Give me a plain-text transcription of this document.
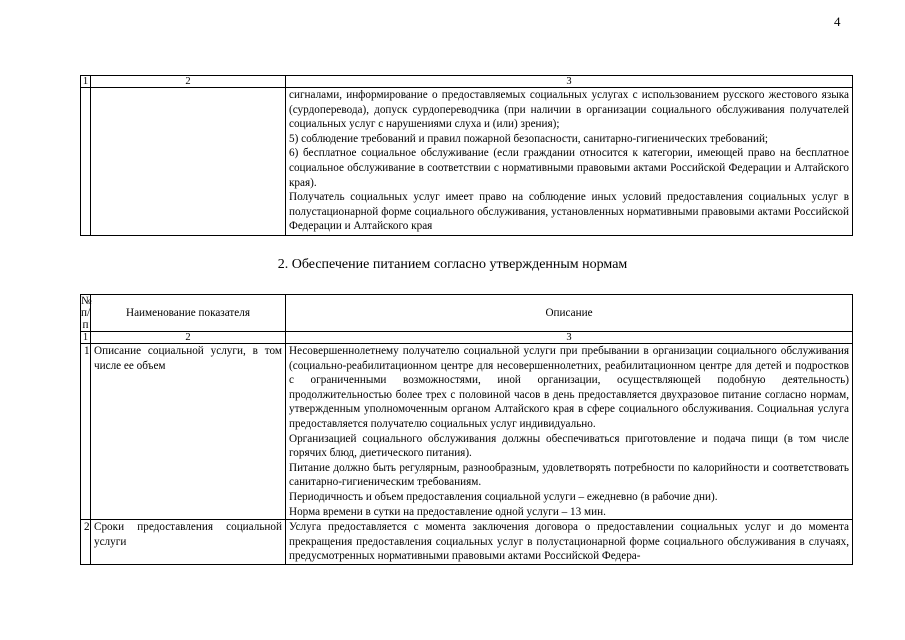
4
1	2	3

		сигналами, информирование о предоставляемых социальных услугах с использованием русского жестового языка (сурдоперевода), допуск сурдопереводчика (при наличии в организации социального обслуживания получателей социальных услуг с нарушениями слуха и (или) зрения);

5) соблюдение требований и правил пожарной безопасности, санитарно-гигиенических требований;

6) бесплатное социальное обслуживание (если граждании относится к категории, имеющей право на бесплатное социальное обслуживание в соответствии с нормативными правовыми актами Российской Федерации и Алтайского края).

Получатель социальных услуг имеет право на соблюдение иных условий предоставления социальных услуг в полустационарной форме социального обслуживания, установленных нормативными правовыми актами Российской Федерации и Алтайского края

2. Обеспечение питанием согласно утвержденным нормам
№
п/п	Наименование показателя	Описание
1	2	3
1	Описание социальной услуги, в том числе ее объем	Несовершеннолетнему получателю социальной услуги при пребывании в организации социального обслуживания (социально-реабилитационном центре для несовершеннолетних, реабилитационном центре для детей и подростков с ограниченными возможностями, иной организации, осуществляющей подобную деятельность) продолжительностью более трех с половиной часов в день предоставляется двухразовое питание согласно нормам, утвержденным уполномоченным органом Алтайского края в сфере социального обслуживания. Социальная услуга предоставляется получателю социальных услуг индивидуально.

Организацией социального обслуживания должны обеспечиваться приготовление и подача пищи (в том числе горячих блюд, диетического питания).

Питание должно быть регулярным, разнообразным, удовлетворять потребности по калорийности и соответствовать санитарно-гигиеническим требованиям.

Периодичность и объем предоставления социальной услуги – ежедневно (в рабочие дни).

Норма времени в сутки на предоставление одной услуги – 13 мин.

2	Сроки предоставления социальной услуги	Услуга предоставляется с момента заключения договора о предоставлении социальных услуг и до момента прекращения предоставления социальных услуг в полустационарной форме социального обслуживания в случаях, предусмотренных нормативными правовыми актами Российской Федера-
